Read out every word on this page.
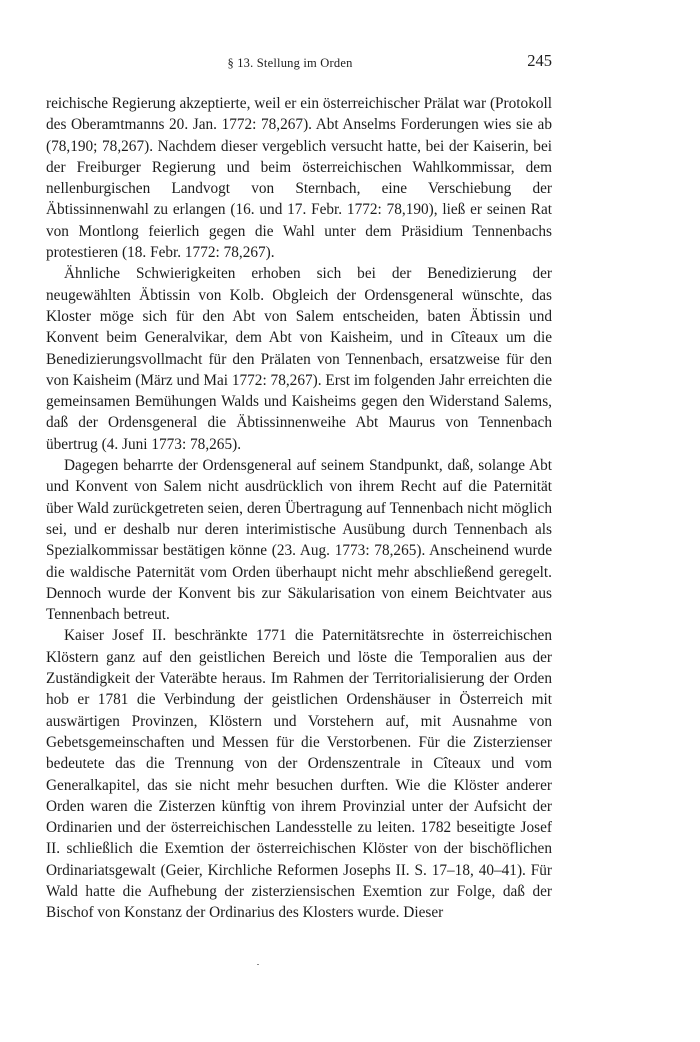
§ 13. Stellung im Orden	245

reichische Regierung akzeptierte, weil er ein österreichischer Prälat war (Protokoll des Oberamtmanns 20. Jan. 1772: 78,267). Abt Anselms Forderungen wies sie ab (78,190; 78,267). Nachdem dieser vergeblich versucht hatte, bei der Kaiserin, bei der Freiburger Regierung und beim österreichischen Wahlkommissar, dem nellenburgischen Landvogt von Sternbach, eine Verschiebung der Äbtissinnenwahl zu erlangen (16. und 17. Febr. 1772: 78,190), ließ er seinen Rat von Montlong feierlich gegen die Wahl unter dem Präsidium Tennenbachs protestieren (18. Febr. 1772: 78,267).

Ähnliche Schwierigkeiten erhoben sich bei der Benedizierung der neugewählten Äbtissin von Kolb. Obgleich der Ordensgeneral wünschte, das Kloster möge sich für den Abt von Salem entscheiden, baten Äbtissin und Konvent beim Generalvikar, dem Abt von Kaisheim, und in Cîteaux um die Benedizierungsvollmacht für den Prälaten von Tennenbach, ersatzweise für den von Kaisheim (März und Mai 1772: 78,267). Erst im folgenden Jahr erreichten die gemeinsamen Bemühungen Walds und Kaisheims gegen den Widerstand Salems, daß der Ordensgeneral die Äbtissinnenweihe Abt Maurus von Tennenbach übertrug (4. Juni 1773: 78,265).

Dagegen beharrte der Ordensgeneral auf seinem Standpunkt, daß, solange Abt und Konvent von Salem nicht ausdrücklich von ihrem Recht auf die Paternität über Wald zurückgetreten seien, deren Übertragung auf Tennenbach nicht möglich sei, und er deshalb nur deren interimistische Ausübung durch Tennenbach als Spezialkommissar bestätigen könne (23. Aug. 1773: 78,265). Anscheinend wurde die waldische Paternität vom Orden überhaupt nicht mehr abschließend geregelt. Dennoch wurde der Konvent bis zur Säkularisation von einem Beichtvater aus Tennenbach betreut.

Kaiser Josef II. beschränkte 1771 die Paternitätsrechte in österreichischen Klöstern ganz auf den geistlichen Bereich und löste die Temporalien aus der Zuständigkeit der Vateräbte heraus. Im Rahmen der Territorialisierung der Orden hob er 1781 die Verbindung der geistlichen Ordenshäuser in Österreich mit auswärtigen Provinzen, Klöstern und Vorstehern auf, mit Ausnahme von Gebetsgemeinschaften und Messen für die Verstorbenen. Für die Zisterzienser bedeutete das die Trennung von der Ordenszentrale in Cîteaux und vom Generalkapitel, das sie nicht mehr besuchen durften. Wie die Klöster anderer Orden waren die Zisterzen künftig von ihrem Provinzial unter der Aufsicht der Ordinarien und der österreichischen Landesstelle zu leiten. 1782 beseitigte Josef II. schließlich die Exemtion der österreichischen Klöster von der bischöflichen Ordinariatsgewalt (Geier, Kirchliche Reformen Josephs II. S. 17–18, 40–41). Für Wald hatte die Aufhebung der zisterziensischen Exemtion zur Folge, daß der Bischof von Konstanz der Ordinarius des Klosters wurde. Dieser
